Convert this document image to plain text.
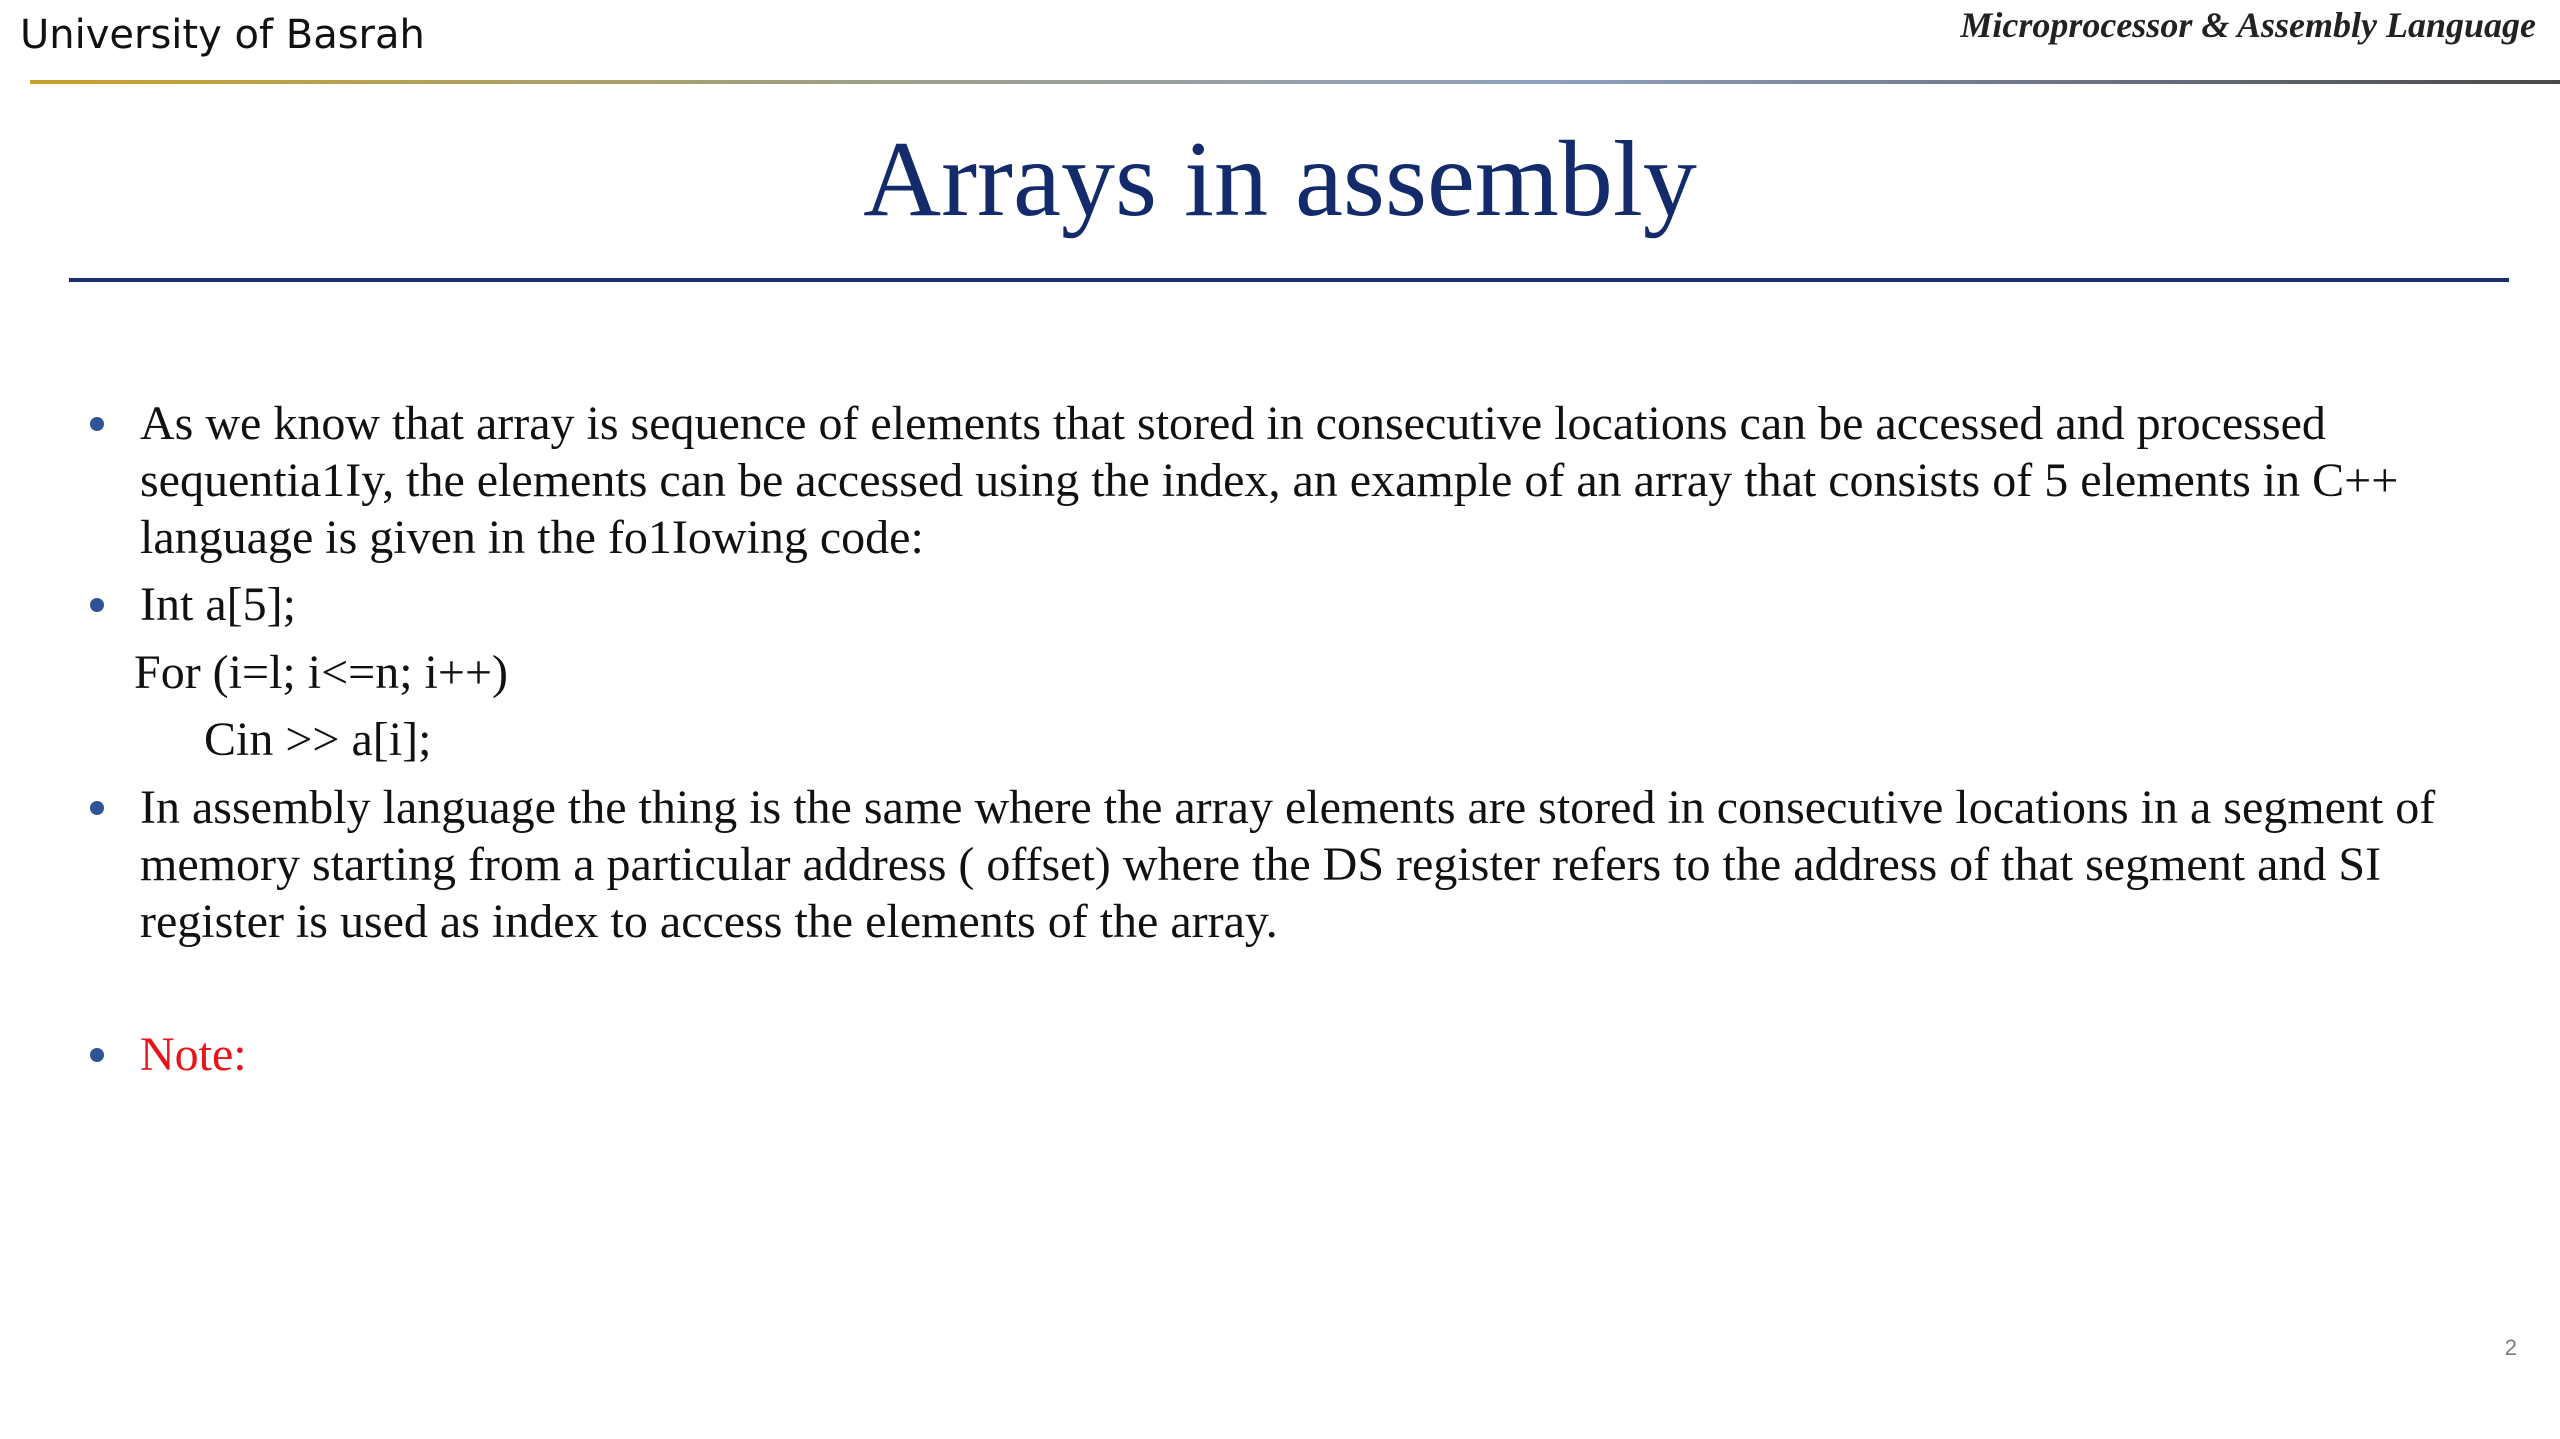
University of Basrah	Microprocessor & Assembly Language
Arrays in assembly
As we know that array is sequence of elements that stored in consecutive locations can be accessed and processed sequentia1Iy, the elements can be accessed using the index, an example of an array that consists of 5 elements in C++ language is given in the fo1Iowing code:
Int a[5];
For (i=l; i<=n; i++)
Cin >> a[i];
In assembly language the thing is the same where the array elements are stored in consecutive locations in a segment of memory starting from a particular address ( offset) where the DS register refers to the address of that segment and SI register is used as index to access the elements of the array.
Note:
2
